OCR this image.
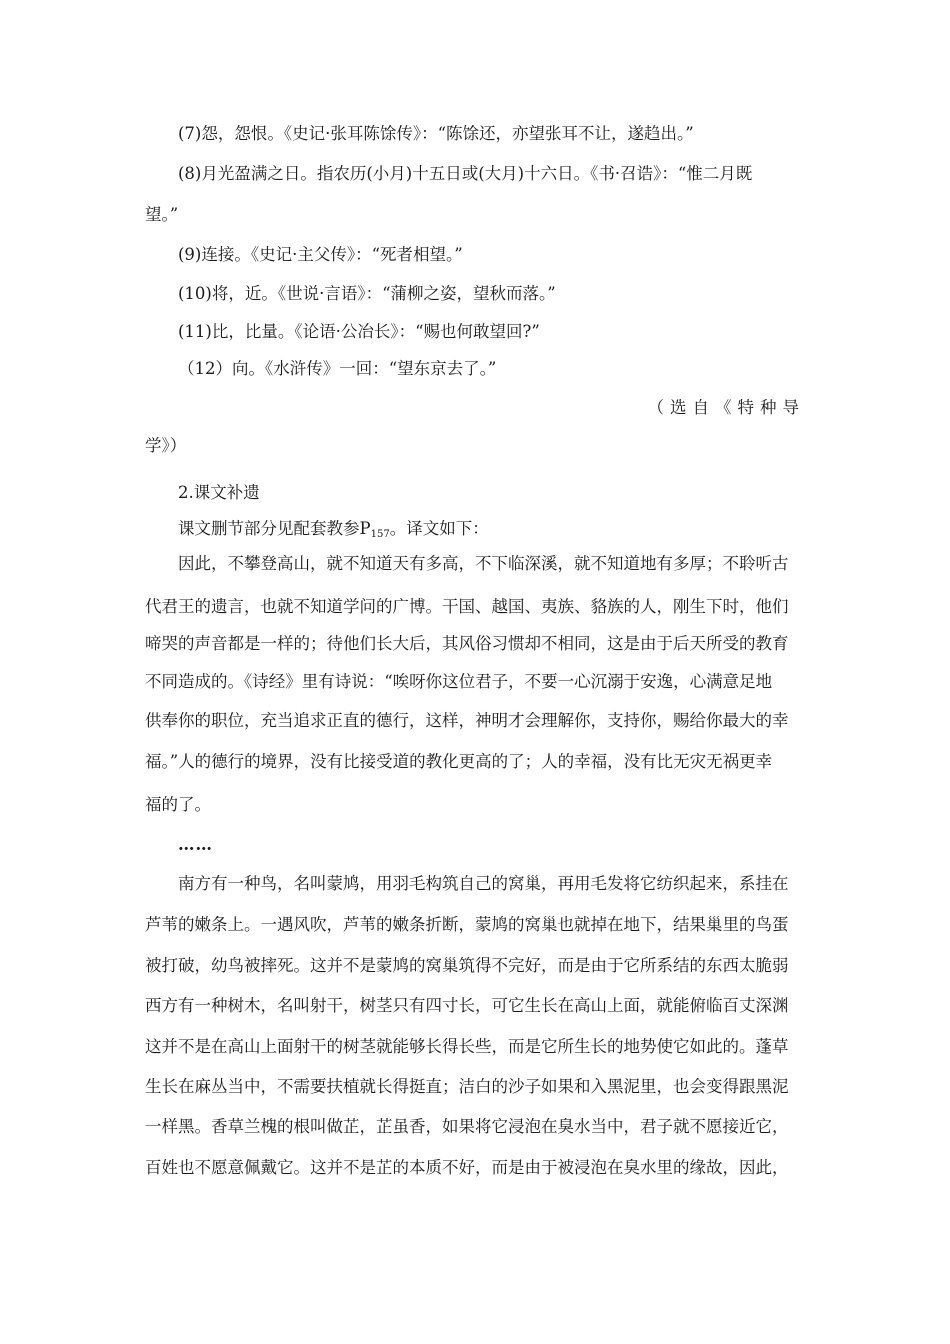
(7)怨，怨恨。《史记·张耳陈馀传》：“陈馀还，亦望张耳不让，遂趋出。”
(8)月光盈满之日。指农历(小月)十五日或(大月)十六日。《书·召诰》：“惟二月既
望。”
(9)连接。《史记·主父传》：“死者相望。”
(10)将，近。《世说·言语》：“蒲柳之姿，望秋而落。”
(11)比，比量。《论语·公冶长》：“赐也何敢望回?”
（12）向。《水浒传》一回：“望东京去了。”
（选自《特种导
学》）
2.课文补遗
课文删节部分见配套教参$P_{157}$。译文如下：
因此，不攀登高山，就不知道天有多高，不下临深溪，就不知道地有多厚；不聆听古
代君王的遗言，也就不知道学问的广博。干国、越国、夷族、貉族的人，刚生下时，他们
啼哭的声音都是一样的；待他们长大后，其风俗习惯却不相同，这是由于后天所受的教育
不同造成的。《诗经》里有诗说：“唉呀你这位君子，不要一心沉溺于安逸，心满意足地
供奉你的职位，充当追求正直的德行，这样，神明才会理解你，支持你，赐给你最大的幸
福。”人的德行的境界，没有比接受道的教化更高的了；人的幸福，没有比无灾无祸更幸
福的了。
……
南方有一种鸟，名叫蒙鸠，用羽毛构筑自己的窝巢，再用毛发将它纺织起来，系挂在
芦苇的嫩条上。一遇风吹，芦苇的嫩条折断，蒙鸠的窝巢也就掉在地下，结果巢里的鸟蛋
被打破，幼鸟被摔死。这并不是蒙鸠的窝巢筑得不完好，而是由于它所系结的东西太脆弱
西方有一种树木，名叫射干，树茎只有四寸长，可它生长在高山上面，就能俯临百丈深渊
这并不是在高山上面射干的树茎就能够长得长些，而是它所生长的地势使它如此的。蓬草
生长在麻丛当中，不需要扶植就长得挺直；洁白的沙子如果和入黑泥里，也会变得跟黑泥
一样黑。香草兰槐的根叫做芷，芷虽香，如果将它浸泡在臭水当中，君子就不愿接近它，
百姓也不愿意佩戴它。这并不是芷的本质不好，而是由于被浸泡在臭水里的缘故，因此，
